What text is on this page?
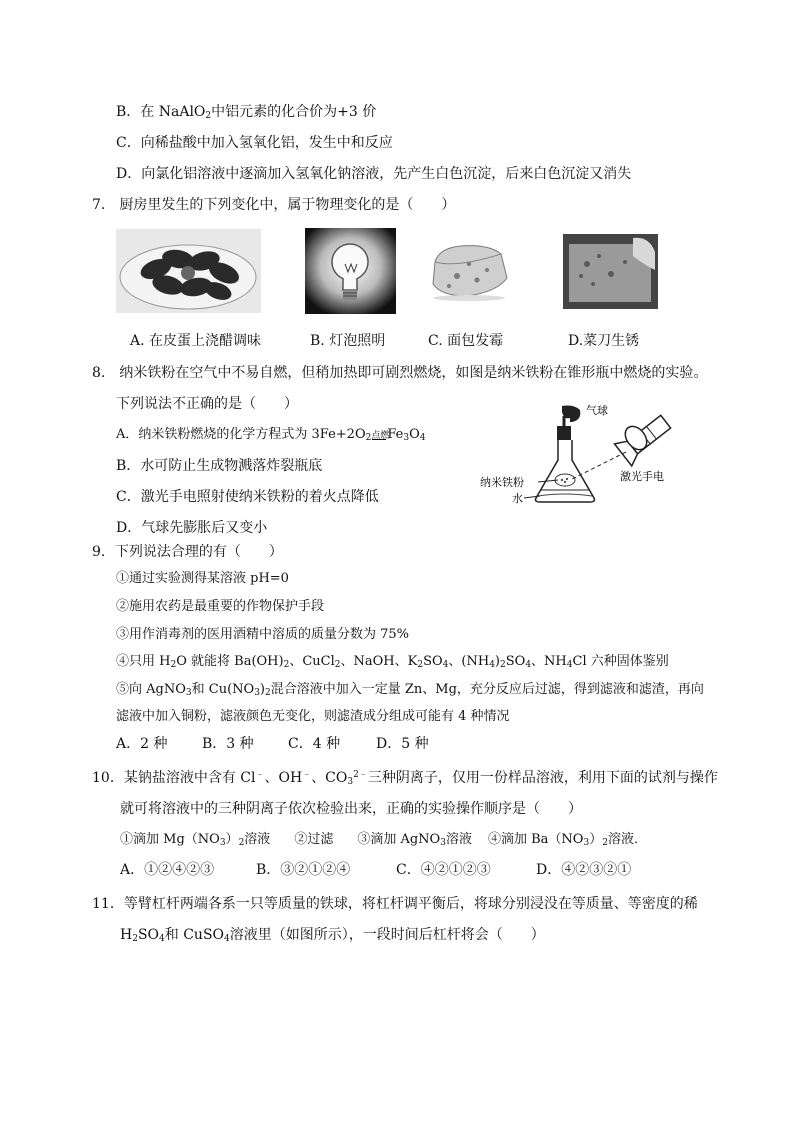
B．在 NaAlO$_2$中铝元素的化合价为+3 价
C．向稀盐酸中加入氢氧化铝，发生中和反应
D．向氯化铝溶液中逐滴加入氢氧化钠溶液，先产生白色沉淀，后来白色沉淀又消失
7.　厨房里发生的下列变化中，属于物理变化的是（　　）
A. 在皮蛋上浇醋调味	B. 灯泡照明	C. 面包发霉	D.菜刀生锈
8.　纳米铁粉在空气中不易自燃，但稍加热即可剧烈燃烧，如图是纳米铁粉在锥形瓶中燃烧的实验。
下列说法不正确的是（　　）
A．纳米铁粉燃烧的化学方程式为 $3Fe+2O_2$点燃$Fe_3O_4$
B．水可防止生成物溅落炸裂瓶底
C．激光手电照射使纳米铁粉的着火点降低
D．气球先膨胀后又变小
气球
纳米铁粉
水
激光手电
9．下列说法合理的有（　　）
①通过实验测得某溶液 pH=0
②施用农药是最重要的作物保护手段
③用作消毒剂的医用酒精中溶质的质量分数为 75%
④只用 $H_2O$ 就能将 $Ba(OH)_2$、CuCl$_2$、NaOH、$K_2SO_4$、$(NH_4)_2SO_4$、$NH_4Cl$ 六种固体鉴别
⑤向 AgNO$_3$和 $Cu(NO_3)_2$混合溶液中加入一定量 Zn、Mg，充分反应后过滤，得到滤液和滤渣，再向
滤液中加入铜粉，滤液颜色无变化，则滤渣成分组成可能有 4 种情况
A．2 种 B．3 种 C．4 种	D．5 种
10．某钠盐溶液中含有 Cl﹣、OH﹣、$CO_3^{2﹣}$三种阴离子，仅用一份样品溶液，利用下面的试剂与操作
就可将溶液中的三种阴离子依次检验出来，正确的实验操作顺序是（　　）
①滴加 $Mg(NO_3)_2$溶液 ②过滤 ③滴加 AgNO$_3$溶液 ④滴加 $Ba(NO_3)_2$溶液．
A．①②④②③	B．③②①②④	C．④②①②③	D．④②③②①
11．等臂杠杆两端各系一只等质量的铁球，将杠杆调平衡后，将球分别浸没在等质量、等密度的稀
$H_2SO_4$和 CuSO$_4$溶液里（如图所示），一段时间后杠杆将会（　　）
